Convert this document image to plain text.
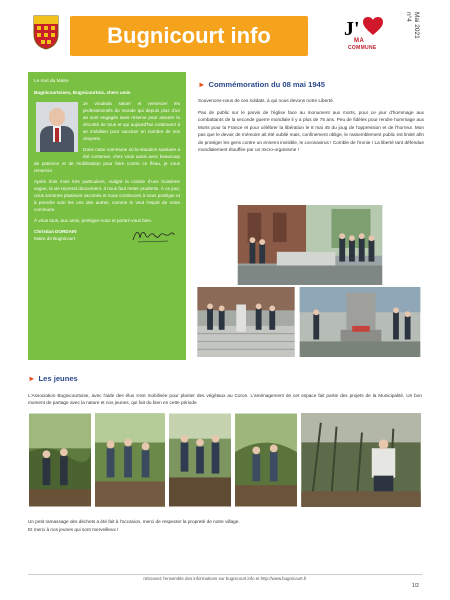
Bugnicourt info	J'
MA
COMMUNE
Mai 2021
n°4
Le mot du Maire
Bugnicourtoises, Bugnicourtois, chers amis

Je voudrais saluer et remercier les professionnels du monde qui depuis plus d'un an sont engagés sans réserve pour assurer la sécurité de tous et qui aujourd'hui continuent à se mobiliser pour vacciner en nombre de nos citoyens.

Dans notre commune où la situation sanitaire a été contenue, chez vous aussi avec beaucoup de patience et de mobilisation pour faire contre ce fléau, je vous remercie.

Après trois mois très particuliers, malgré la crainte d'une troisième vague, la vie reprend doucement. Il nous faut rester prudents. À ce jour, nous sommes plusieurs vaccinés et nous continuons à nous protéger et à prendre soin les uns des autres, comme le veut l'esprit de notre commune.

À vous tous, aux amis, protégez-vous et portez-vous bien.

Christian DORDAIN
Maire de Bugnicourt
► Commémoration du 08 mai 1945
Souvenons-nous de ces soldats, à qui nous devons notre Liberté.
Pas de public sur le parvis de l'église face au monument aux morts, pour ce jour d'hommage aux combattants de la seconde guerre mondiale il y a plus de 75 ans. Peu de fidèles pour rendre hommage aux Morts pour la France et pour célébrer la libération le 8 mai 45 du joug de l'oppression et de l'horreur. Mon pas que le devoir de mémoire ait été oublié mais, confinement oblige, le rassemblement public est limité afin de protéger les gens contre un ennemi invisible, le coronavirus ! Comble de l'ironie ! La liberté tant défendue mondialement étouffée par un micro-organisme !
► Les jeunes
L'Association Bugnicourtoise, avec l'aide des élus s'est mobilisée pour planter des végétaux au Coron. L'aménagement de cet espace fait partie des projets de la Municipalité. Un bon moment de partage avec la nature et nos jeunes, qui fait du bien en cette période.
Un petit ramassage des déchets a été fait à l'occasion, merci de respecter la propreté de notre village.
Et merci à nos jeunes qui sont merveilleux !
retrouvez l'ensemble des informations sur bugnicourt.info et http://www.bugnicourt.fr
1/2
